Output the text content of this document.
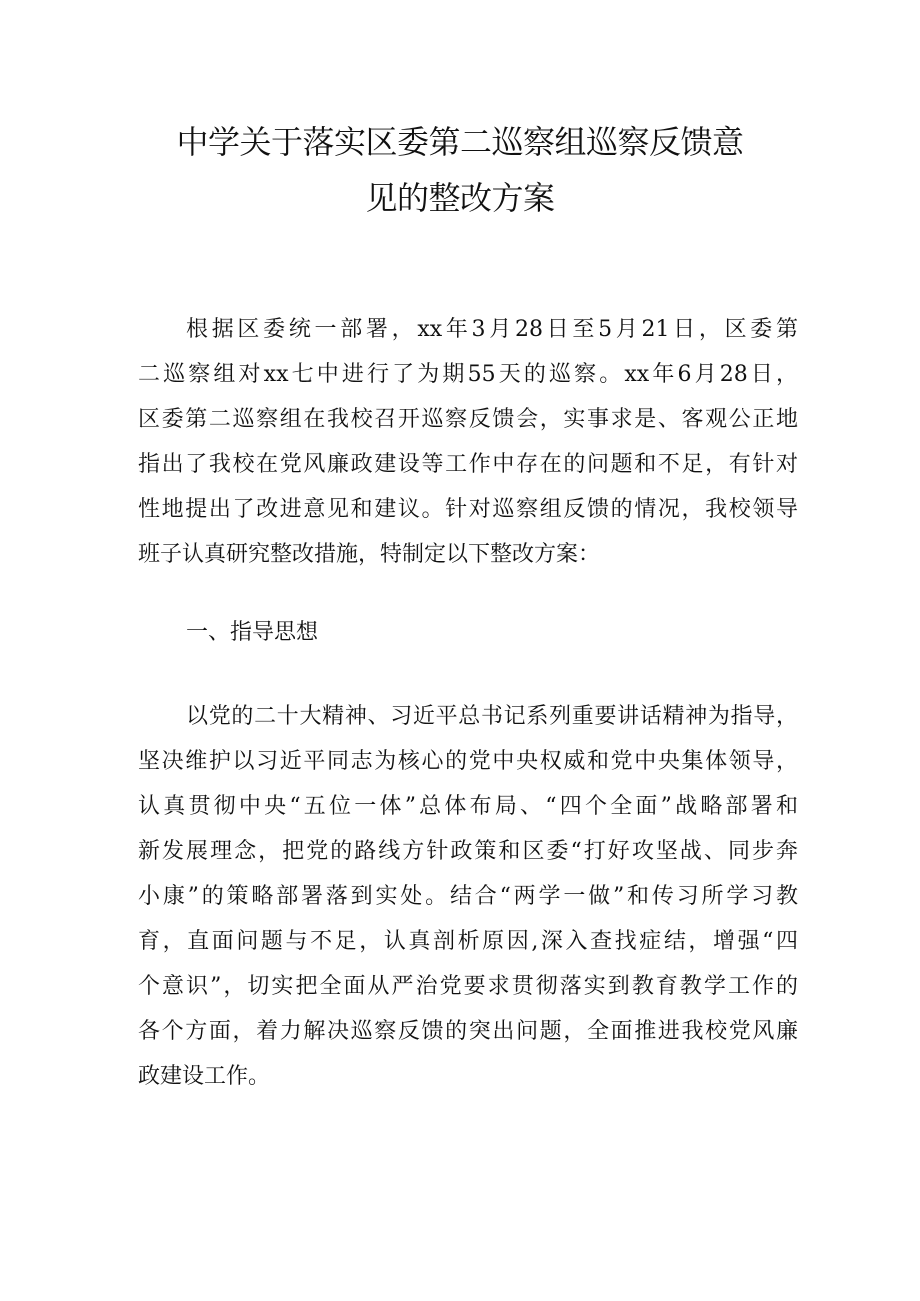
中学关于落实区委第二巡察组巡察反馈意
见的整改方案
根据区委统一部署，xx年3月28日至5月21日，区委第
二巡察组对xx七中进行了为期55天的巡察。xx年6月28日，
区委第二巡察组在我校召开巡察反馈会，实事求是、客观公正地
指出了我校在党风廉政建设等工作中存在的问题和不足，有针对
性地提出了改进意见和建议。针对巡察组反馈的情况，我校领导
班子认真研究整改措施，特制定以下整改方案：
一、指导思想
以党的二十大精神、习近平总书记系列重要讲话精神为指导，
坚决维护以习近平同志为核心的党中央权威和党中央集体领导，
认真贯彻中央“五位一体”总体布局、“四个全面”战略部署和
新发展理念，把党的路线方针政策和区委“打好攻坚战、同步奔
小康”的策略部署落到实处。结合“两学一做”和传习所学习教
育，直面问题与不足，认真剖析原因,深入查找症结，增强“四
个意识”，切实把全面从严治党要求贯彻落实到教育教学工作的
各个方面，着力解决巡察反馈的突出问题，全面推进我校党风廉
政建设工作。
